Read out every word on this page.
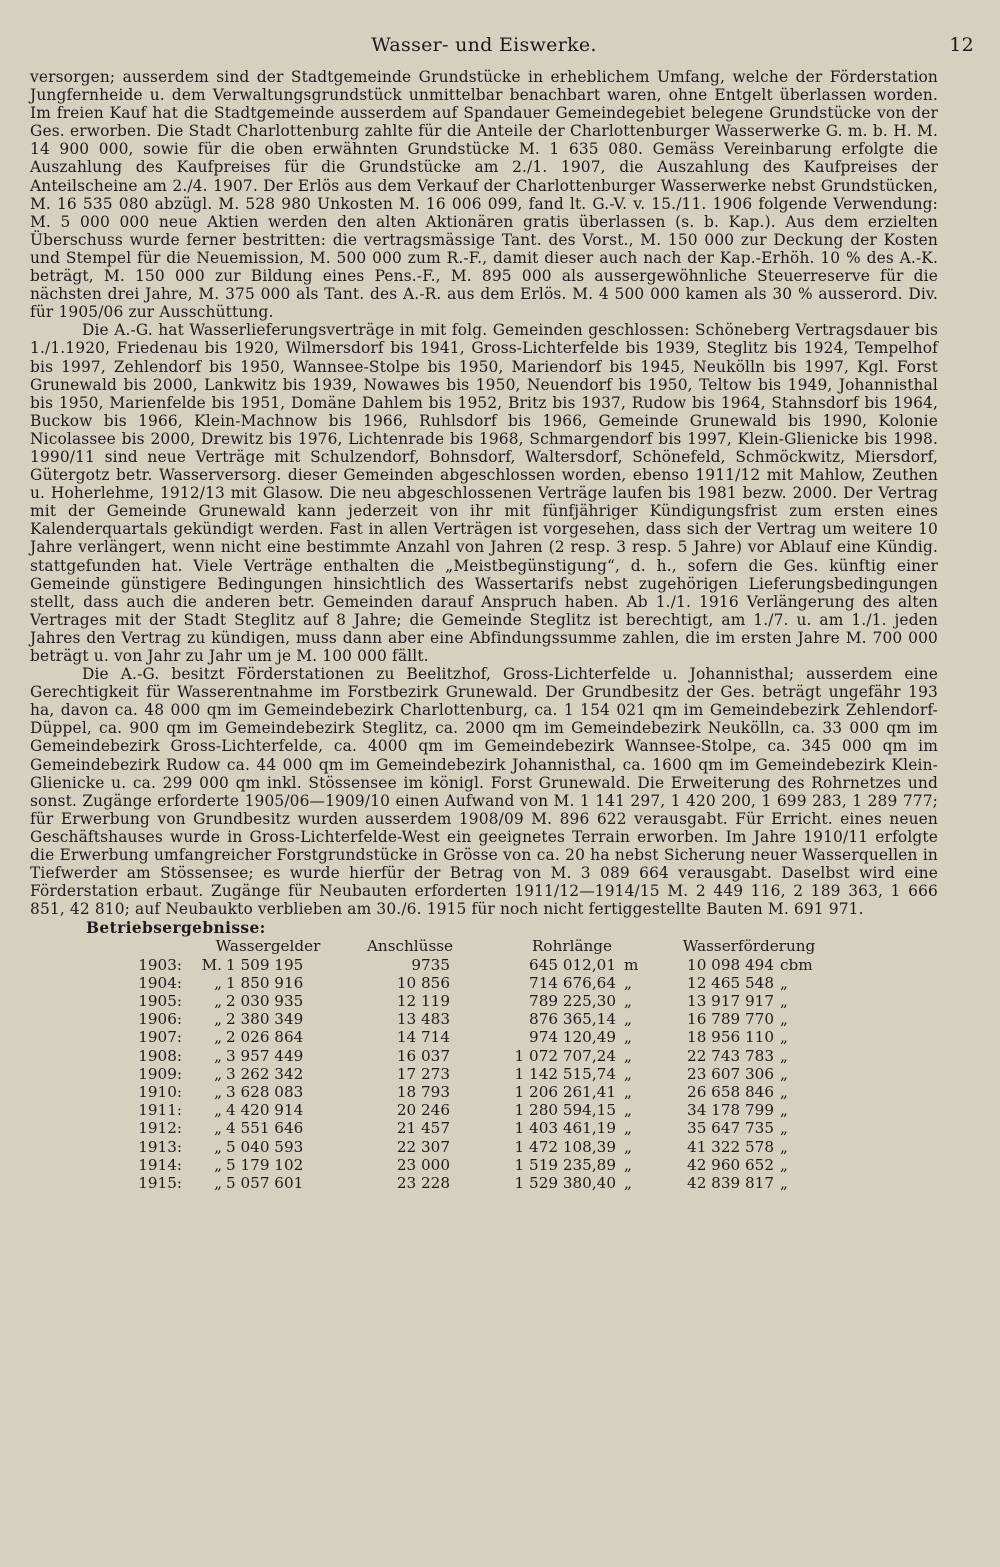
Wasser- und Eiswerke.	12

versorgen; ausserdem sind der Stadtgemeinde Grundstücke in erheblichem Umfang, welche der Förderstation Jungfernheide u. dem Verwaltungsgrundstück unmittelbar benachbart waren, ohne Entgelt überlassen worden. Im freien Kauf hat die Stadtgemeinde ausserdem auf Spandauer Gemeindegebiet belegene Grundstücke von der Ges. erworben. Die Stadt Charlottenburg zahlte für die Anteile der Charlottenburger Wasserwerke G. m. b. H. M. 14 900 000, sowie für die oben erwähnten Grundstücke M. 1 635 080. Gemäss Vereinbarung erfolgte die Auszahlung des Kaufpreises für die Grundstücke am 2./1. 1907, die Auszahlung des Kaufpreises der Anteilscheine am 2./4. 1907. Der Erlös aus dem Verkauf der Charlottenburger Wasserwerke nebst Grundstücken, M. 16 535 080 abzügl. M. 528 980 Unkosten M. 16 006 099, fand lt. G.-V. v. 15./11. 1906 folgende Verwendung: M. 5 000 000 neue Aktien werden den alten Aktionären gratis überlassen (s. b. Kap.). Aus dem erzielten Überschuss wurde ferner bestritten: die vertragsmässige Tant. des Vorst., M. 150 000 zur Deckung der Kosten und Stempel für die Neuemission, M. 500 000 zum R.-F., damit dieser auch nach der Kap.-Erhöh. 10 % des A.-K. beträgt, M. 150 000 zur Bildung eines Pens.-F., M. 895 000 als aussergewöhnliche Steuerreserve für die nächsten drei Jahre, M. 375 000 als Tant. des A.-R. aus dem Erlös. M. 4 500 000 kamen als 30 % ausserord. Div. für 1905/06 zur Ausschüttung.

Die A.-G. hat Wasserlieferungsverträge in mit folg. Gemeinden geschlossen: Schöneberg Vertragsdauer bis 1./1.1920, Friedenau bis 1920, Wilmersdorf bis 1941, Gross-Lichterfelde bis 1939, Steglitz bis 1924, Tempelhof bis 1997, Zehlendorf bis 1950, Wannsee-Stolpe bis 1950, Mariendorf bis 1945, Neukölln bis 1997, Kgl. Forst Grunewald bis 2000, Lankwitz bis 1939, Nowawes bis 1950, Neuendorf bis 1950, Teltow bis 1949, Johannisthal bis 1950, Marienfelde bis 1951, Domäne Dahlem bis 1952, Britz bis 1937, Rudow bis 1964, Stahnsdorf bis 1964, Buckow bis 1966, Klein-Machnow bis 1966, Ruhlsdorf bis 1966, Gemeinde Grunewald bis 1990, Kolonie Nicolassee bis 2000, Drewitz bis 1976, Lichtenrade bis 1968, Schmargendorf bis 1997, Klein-Glienicke bis 1998. 1990/11 sind neue Verträge mit Schulzendorf, Bohnsdorf, Waltersdorf, Schönefeld, Schmöckwitz, Miersdorf, Gütergotz betr. Wasserversorg. dieser Gemeinden abgeschlossen worden, ebenso 1911/12 mit Mahlow, Zeuthen u. Hoherlehme, 1912/13 mit Glasow. Die neu abgeschlossenen Verträge laufen bis 1981 bezw. 2000. Der Vertrag mit der Gemeinde Grunewald kann jederzeit von ihr mit fünfjähriger Kündigungsfrist zum ersten eines Kalenderquartals gekündigt werden. Fast in allen Verträgen ist vorgesehen, dass sich der Vertrag um weitere 10 Jahre verlängert, wenn nicht eine bestimmte Anzahl von Jahren (2 resp. 3 resp. 5 Jahre) vor Ablauf eine Kündig. stattgefunden hat. Viele Verträge enthalten die „Meistbegünstigung“, d. h., sofern die Ges. künftig einer Gemeinde günstigere Bedingungen hinsichtlich des Wassertarifs nebst zugehörigen Lieferungsbedingungen stellt, dass auch die anderen betr. Gemeinden darauf Anspruch haben. Ab 1./1. 1916 Verlängerung des alten Vertrages mit der Stadt Steglitz auf 8 Jahre; die Gemeinde Steglitz ist berechtigt, am 1./7. u. am 1./1. jeden Jahres den Vertrag zu kündigen, muss dann aber eine Abfindungssumme zahlen, die im ersten Jahre M. 700 000 beträgt u. von Jahr zu Jahr um je M. 100 000 fällt.

Die A.-G. besitzt Förderstationen zu Beelitzhof, Gross-Lichterfelde u. Johannisthal; ausserdem eine Gerechtigkeit für Wasserentnahme im Forstbezirk Grunewald. Der Grundbesitz der Ges. beträgt ungefähr 193 ha, davon ca. 48 000 qm im Gemeindebezirk Charlottenburg, ca. 1 154 021 qm im Gemeindebezirk Zehlendorf-Düppel, ca. 900 qm im Gemeindebezirk Steglitz, ca. 2000 qm im Gemeindebezirk Neukölln, ca. 33 000 qm im Gemeindebezirk Gross-Lichterfelde, ca. 4000 qm im Gemeindebezirk Wannsee-Stolpe, ca. 345 000 qm im Gemeindebezirk Rudow ca. 44 000 qm im Gemeindebezirk Johannisthal, ca. 1600 qm im Gemeindebezirk Klein-Glienicke u. ca. 299 000 qm inkl. Stössensee im königl. Forst Grunewald. Die Erweiterung des Rohrnetzes und sonst. Zugänge erforderte 1905/06—1909/10 einen Aufwand von M. 1 141 297, 1 420 200, 1 699 283, 1 289 777; für Erwerbung von Grundbesitz wurden ausserdem 1908/09 M. 896 622 verausgabt. Für Erricht. eines neuen Geschäftshauses wurde in Gross-Lichterfelde-West ein geeignetes Terrain erworben. Im Jahre 1910/11 erfolgte die Erwerbung umfangreicher Forstgrundstücke in Grösse von ca. 20 ha nebst Sicherung neuer Wasserquellen in Tiefwerder am Stössensee; es wurde hierfür der Betrag von M. 3 089 664 verausgabt. Daselbst wird eine Förderstation erbaut. Zugänge für Neubauten erforderten 1911/12—1914/15 M. 2 449 116, 2 189 363, 1 666 851, 42 810; auf Neubaukto verblieben am 30./6. 1915 für noch nicht fertiggestellte Bauten M. 691 971.

Betriebsergebnisse:
	Wassergelder		Anschlüsse	Rohrlänge		Wasserförderung	
1903:	M.	1 509 195	9735	645 012,01	m	10 098 494	cbm
1904:	„	1 850 916	10 856	714 676,64	„	12 465 548	„
1905:	„	2 030 935	12 119	789 225,30	„	13 917 917	„
1906:	„	2 380 349	13 483	876 365,14	„	16 789 770	„
1907:	„	2 026 864	14 714	974 120,49	„	18 956 110	„
1908:	„	3 957 449	16 037	1 072 707,24	„	22 743 783	„
1909:	„	3 262 342	17 273	1 142 515,74	„	23 607 306	„
1910:	„	3 628 083	18 793	1 206 261,41	„	26 658 846	„
1911:	„	4 420 914	20 246	1 280 594,15	„	34 178 799	„
1912:	„	4 551 646	21 457	1 403 461,19	„	35 647 735	„
1913:	„	5 040 593	22 307	1 472 108,39	„	41 322 578	„
1914:	„	5 179 102	23 000	1 519 235,89	„	42 960 652	„
1915:	„	5 057 601	23 228	1 529 380,40	„	42 839 817	„
